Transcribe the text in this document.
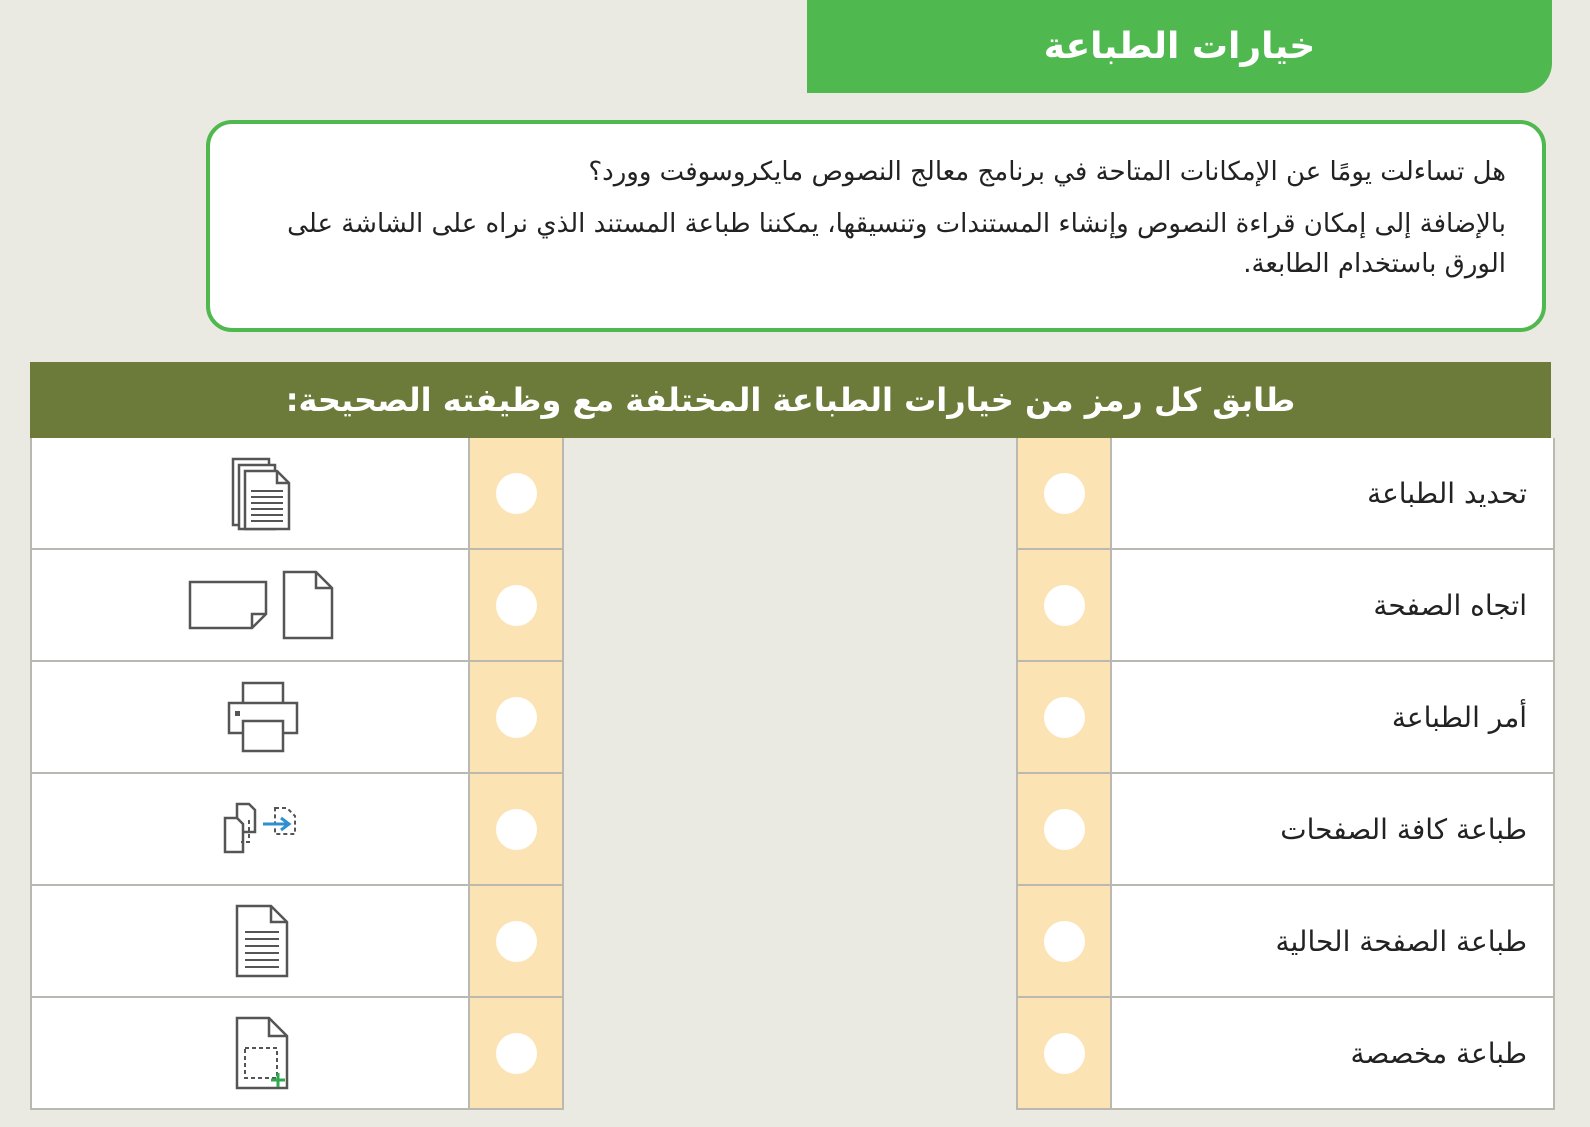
خيارات الطباعة

هل تساءلت يومًا عن الإمكانات المتاحة في برنامج معالج النصوص مايكروسوفت وورد؟

بالإضافة إلى إمكان قراءة النصوص وإنشاء المستندات وتنسيقها، يمكننا طباعة المستند الذي نراه على الشاشة على الورق باستخدام الطابعة.

طابق كل رمز من خيارات الطباعة المختلفة مع وظيفته الصحيحة:
تحديد الطباعة
اتجاه الصفحة
أمر الطباعة
طباعة كافة الصفحات
طباعة الصفحة الحالية
طباعة مخصصة
